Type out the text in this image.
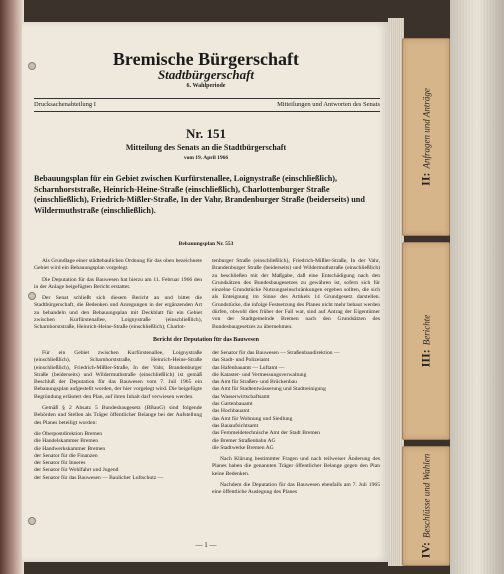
II:Anfragen und Anträge
III:Berichte
IV:Beschlüsse und Wahlen
Bremische Bürgerschaft
Stadtbürgerschaft
6. Wahlperiode
Drucksachenabteilung I	Mitteilungen und Antworten des Senats
Nr. 151
Mitteilung des Senats an die Stadtbürgerschaft
vom 19. April 1966
Bebauungsplan für ein Gebiet zwischen Kurfürstenallee, Loignystraße (einschließlich), Scharnhorststraße, Heinrich-Heine-Straße (einschließlich), Charlottenburger Straße (einschließlich), Friedrich-Mißler-Straße, In der Vahr, Brandenburger Straße (beiderseits) und Wildermuthstraße (einschließlich).
Bebauungsplan Nr. 553

Als Grundlage einer städtebaulichen Ordnung für das oben bezeichnete Gebiet wird ein Bebauungsplan vorgelegt.

Die Deputation für das Bauwesen hat hierzu am 11. Februar 1966 den in der Anlage beigefügten Bericht erstattet.

Der Senat schließt sich diesem Bericht an und bittet die Stadtbürgerschaft, die Bedenken und Anregungen in der ergänzenden Art zu behandeln und den Bebauungsplan mit Deckblatt für ein Gebiet zwischen Kurfürstenallee, Loignystraße (einschließlich), Scharnhorststraße, Heinrich-Heine-Straße (einschließlich), Charlot-

tenburger Straße (einschließlich), Friedrich-Mißler-Straße, In der Vahr, Brandenburger Straße (beiderseits) und Wildermuthstraße (einschließlich) zu beschließen mit der Maßgabe, daß eine Entschädigung nach den Grundsätzen des Bundesbaugesetzes zu gewähren ist, sofern sich für einzelne Grundstücke Nutzungseinschränkungen ergeben sollten, die sich als Enteignung im Sinne des Artikels 14 Grundgesetz darstellen. Grundstücke, die infolge Festsetzung des Planes nicht mehr bebaut werden dürfen, obwohl dies früher der Fall war, sind auf Antrag der Eigentümer von der Stadtgemeinde Bremen nach den Grundsätzen des Bundesbaugesetzes zu übernehmen.

Bericht der Deputation für das Bauwesen

Für ein Gebiet zwischen Kurfürstenallee, Loignystraße (einschließlich), Scharnhorststraße, Heinrich-Heine-Straße (einschließlich), Friedrich-Mißler-Straße, In der Vahr, Brandenburger Straße (beiderseits) und Wildermuthstraße (einschließlich) ist gemäß Beschluß der Deputation für das Bauwesen vom 7. Juli 1965 ein Bebauungsplan aufgestellt worden, der hier vorgelegt wird. Die beigefügte Begründung erläutert den Plan, auf ihren Inhalt darf verwiesen werden.

Gemäß § 2 Absatz 5 Bundesbaugesetz (BBauG) sind folgende Behörden und Stellen als Träger öffentlicher Belange bei der Aufstellung des Planes beteiligt worden:

die Oberpostdirektion Bremen

die Handelskammer Bremen

die Handwerkskammer Bremen

der Senator für die Finanzen

der Senator für Inneres

der Senator für Wohlfahrt und Jugend

der Senator für das Bauwesen — Baulicher Luftschutz —

der Senator für das Bauwesen — Straßenbaudirektion —

das Stadt- und Polizeiamt

das Hafenbauamt — Luftamt —

die Kataster- und Vermessungsverwaltung

das Amt für Straßen- und Brückenbau

das Amt für Stadtentwässerung und Stadtreinigung

das Wasserwirtschaftsamt

das Gartenbauamt

das Hochbauamt

das Amt für Wohnung und Siedlung

das Bauaufsichtsamt

das Fernmeldetechnische Amt der Stadt Bremen

die Bremer Straßenbahn AG

die Stadtwerke Bremen AG

Nach Klärung bestimmter Fragen und nach teilweiser Änderung des Planes haben die genannten Träger öffentlicher Belange gegen den Plan keine Bedenken.

Nachdem die Deputation für das Bauwesen ebenfalls am 7. Juli 1965 eine öffentliche Auslegung des Planes

— 1 —
